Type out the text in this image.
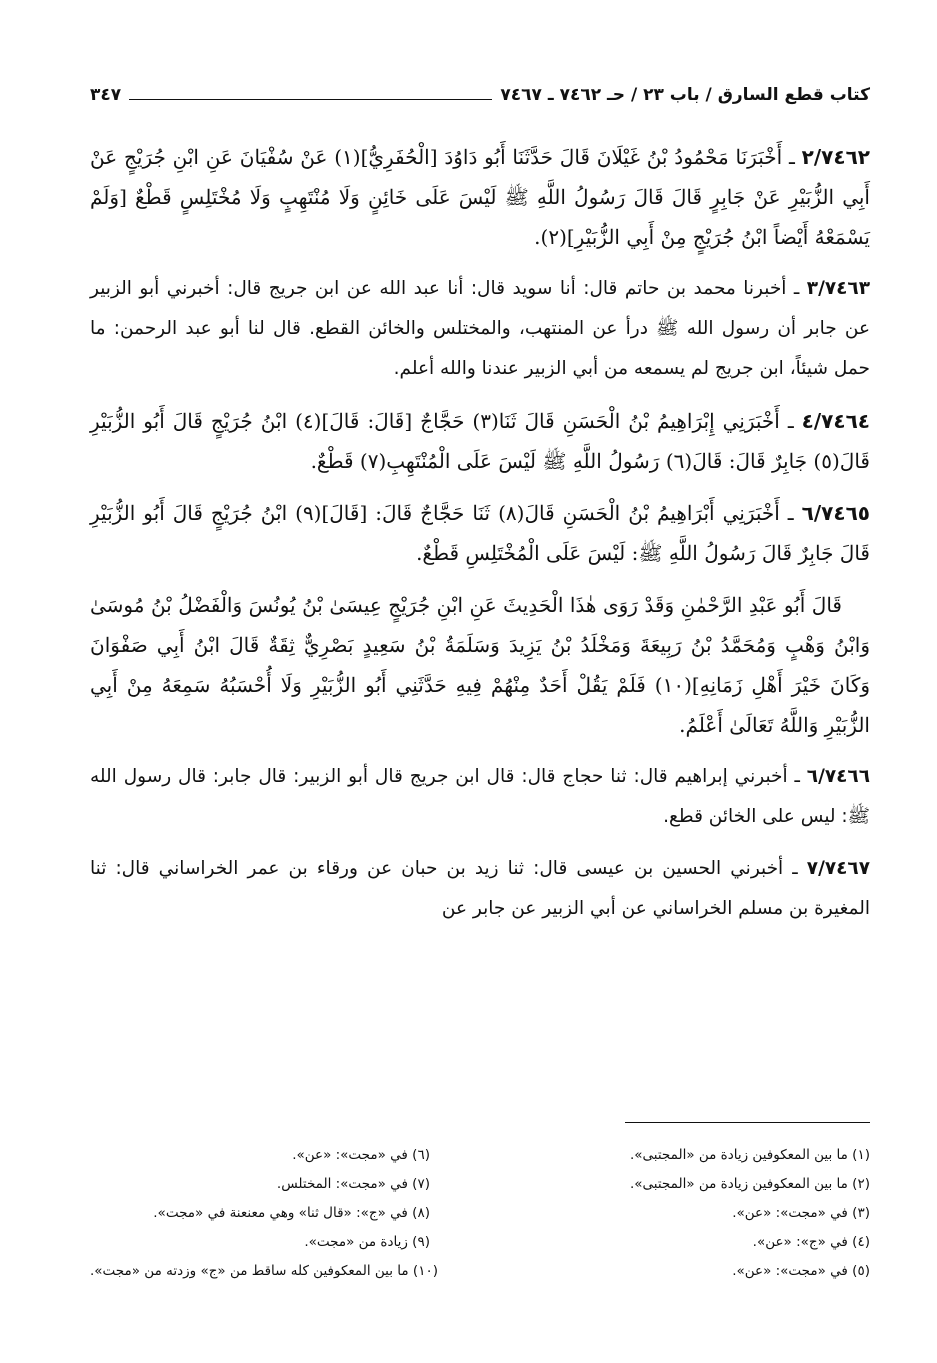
كتاب قطع السارق / باب ٢٣ / حـ ٧٤٦٢ ـ ٧٤٦٧
٣٤٧

٢/٧٤٦٢ ـ أَخْبَرَنَا مَحْمُودُ بْنُ غَيْلَانَ قَالَ حَدَّثَنَا أَبُو دَاوُدَ [الْحُفَرِيُّ](١) عَنْ سُفْيَانَ عَنِ ابْنِ جُرَيْجٍ عَنْ أَبِي الزُّبَيْرِ عَنْ جَابِرٍ قَالَ قَالَ رَسُولُ اللَّهِ ﷺ لَيْسَ عَلَى خَائِنٍ وَلَا مُنْتَهِبٍ وَلَا مُخْتَلِسٍ قَطْعٌ [وَلَمْ يَسْمَعْهُ أَيْضاً ابْنُ جُرَيْجٍ مِنْ أَبِي الزُّبَيْرِ](٢).

٣/٧٤٦٣ ـ أخبرنا محمد بن حاتم قال: أنا سويد قال: أنا عبد الله عن ابن جريج قال: أخبرني أبو الزبير عن جابر أن رسول الله ﷺ درأ عن المنتهب، والمختلس والخائن القطع. قال لنا أبو عبد الرحمن: ما حمل شيئاً، ابن جريج لم يسمعه من أبي الزبير عندنا والله أعلم.

٤/٧٤٦٤ ـ أَخْبَرَنِي إِبْرَاهِيمُ بْنُ الْحَسَنِ قَالَ ثَنَا(٣) حَجَّاجٌ [قَالَ: قَالَ](٤) ابْنُ جُرَيْجٍ قَالَ أَبُو الزُّبَيْرِ قَالَ(٥) جَابِرٌ قَالَ: قَالَ(٦) رَسُولُ اللَّهِ ﷺ لَيْسَ عَلَى الْمُنْتَهِبِ(٧) قَطْعٌ.

٦/٧٤٦٥ ـ أَخْبَرَنِي أَبْرَاهِيمُ بْنُ الْحَسَنِ قَالَ(٨) ثَنَا حَجَّاجٌ قَالَ: [قَالَ](٩) ابْنُ جُرَيْجٍ قَالَ أَبُو الزُّبَيْرِ قَالَ جَابِرٌ قَالَ رَسُولُ اللَّهِ ﷺ: لَيْسَ عَلَى الْمُخْتَلِسِ قَطْعٌ.

قَالَ أَبُو عَبْدِ الرَّحْمٰنِ وَقَدْ رَوَى هٰذَا الْحَدِيثَ عَنِ ابْنِ جُرَيْجٍ عِيسَىٰ بْنُ يُونُسَ وَالْفَضْلُ بْنُ مُوسَىٰ وَابْنُ وَهْبٍ وَمُحَمَّدُ بْنُ رَبِيعَةَ وَمَخْلَدُ بْنُ يَزِيدَ وَسَلَمَةُ بْنُ سَعِيدٍ بَصْرِيٌّ ثِقَةٌ قَالَ ابْنُ أَبِي صَفْوَانَ وَكَانَ خَيْرَ أَهْلِ زَمَانِهِ](١٠) فَلَمْ يَقُلْ أَحَدٌ مِنْهُمْ فِيهِ حَدَّثَنِي أَبُو الزُّبَيْرِ وَلَا أُحْسَبُهُ سَمِعَهُ مِنْ أَبِي الزُّبَيْرِ وَاللَّهُ تَعَالَىٰ أَعْلَمُ.

٦/٧٤٦٦ ـ أخبرني إبراهيم قال: ثنا حجاج قال: قال ابن جريج قال أبو الزبير: قال جابر: قال رسول الله ﷺ: ليس على الخائن قطع.

٧/٧٤٦٧ ـ أخبرني الحسين بن عيسى قال: ثنا زيد بن حبان عن ورقاء بن عمر الخراساني قال: ثنا المغيرة بن مسلم الخراساني عن أبي الزبير عن جابر عن

(١) ما بين المعكوفين زيادة من «المجتبى».
(٦) في «مجت»: «عن».
(٢) ما بين المعكوفين زيادة من «المجتبى».
(٧) في «مجت»: المختلس.
(٣) في «مجت»: «عن».
(٨) في «ج»: «قال ثنا» وهي معنعنة في «مجت».
(٤) في «ج»: «عن».
(٩) زيادة من «مجت».
(٥) في «مجت»: «عن».
(١٠) ما بين المعكوفين كله ساقط من «ج» وزدته من «مجت».
